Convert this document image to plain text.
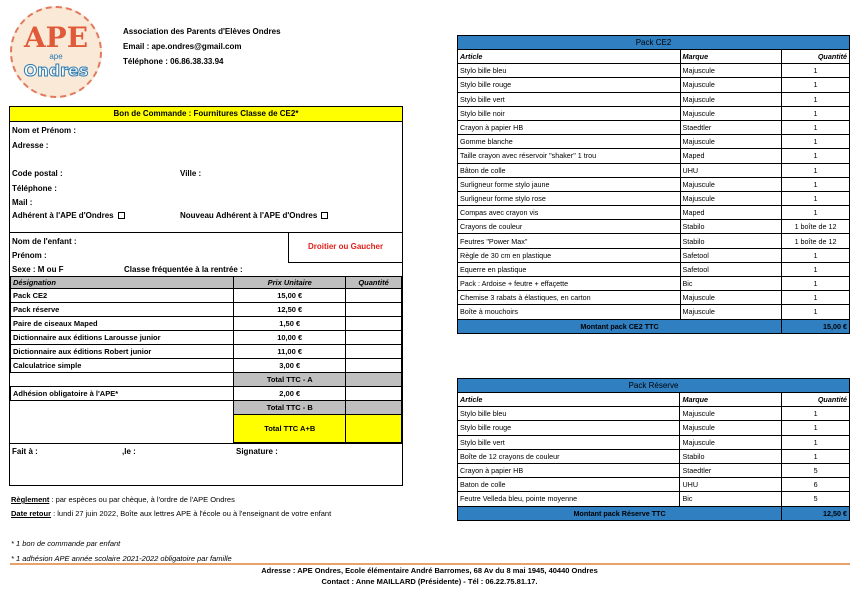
APE
ape
Ondres
Association des Parents d'Elèves Ondres
Email : ape.ondres@gmail.com
Téléphone : 06.86.38.33.94
Bon de Commande : Fournitures Classe de CE2*
Nom et Prénom :
Adresse :
Code postal :	Ville :
Téléphone :
Mail :
Adhérent à l'APE d'Ondres	Nouveau Adhérent à l'APE d'Ondres
Nom de l'enfant :
Prénom :
Droitier ou Gaucher
Sexe : M ou F	Classe fréquentée à la rentrée :
Désignation	Prix Unitaire	Quantité
Pack CE2	15,00 €	
Pack réserve	12,50 €	
Paire de ciseaux Maped	1,50 €	
Dictionnaire aux éditions Larousse junior	10,00 €	
Dictionnaire aux éditions Robert junior	11,00 €	
Calculatrice simple	3,00 €	
	Total TTC - A	
Adhésion obligatoire à l'APE*	2,00 €	
	Total TTC - B	
	Total TTC A+B	
Fait à :	,le :	Signature :
Règlement : par espèces ou par chèque, à l'ordre de l'APE Ondres
Date retour : lundi 27 juin 2022, Boîte aux lettres APE à l'école ou à l'enseignant de votre enfant
* 1 bon de commande par enfant
* 1 adhésion APE année scolaire 2021-2022 obligatoire par famille
Pack CE2		
Article	Marque	Quantité
Stylo bille bleu	Majuscule	1
Stylo bille rouge	Majuscule	1
Stylo bille vert	Majuscule	1
Stylo bille noir	Majuscule	1
Crayon à papier HB	Staedtler	1
Gomme blanche	Majuscule	1
Taille crayon avec réservoir "shaker" 1 trou	Maped	1
Bâton de colle	UHU	1
Surligneur forme stylo jaune	Majuscule	1
Surligneur forme stylo rose	Majuscule	1
Compas avec crayon vis	Maped	1
Crayons de couleur	Stabilo	1 boîte de 12
Feutres "Power Max"	Stabilo	1 boîte de 12
Règle de 30 cm en plastique	Safetool	1
Equerre en plastique	Safetool	1
Pack : Ardoise + feutre + effaçette	Bic	1
Chemise 3 rabats à élastiques, en carton	Majuscule	1
Boîte à mouchoirs	Majuscule	1
Montant pack CE2 TTC		15,00 €
Pack Réserve		
Article	Marque	Quantité
Stylo bille bleu	Majuscule	1
Stylo bille rouge	Majuscule	1
Stylo bille vert	Majuscule	1
Boîte de 12 crayons de couleur	Stabilo	1
Crayon à papier HB	Staedtler	5
Baton de colle	UHU	6
Feutre Velleda bleu, pointe moyenne	Bic	5
Montant pack Réserve TTC		12,50 €
Adresse : APE Ondres, Ecole élémentaire André Barromes, 68 Av du 8 mai 1945, 40440 Ondres
Contact : Anne MAILLARD (Présidente) - Tél : 06.22.75.81.17.
